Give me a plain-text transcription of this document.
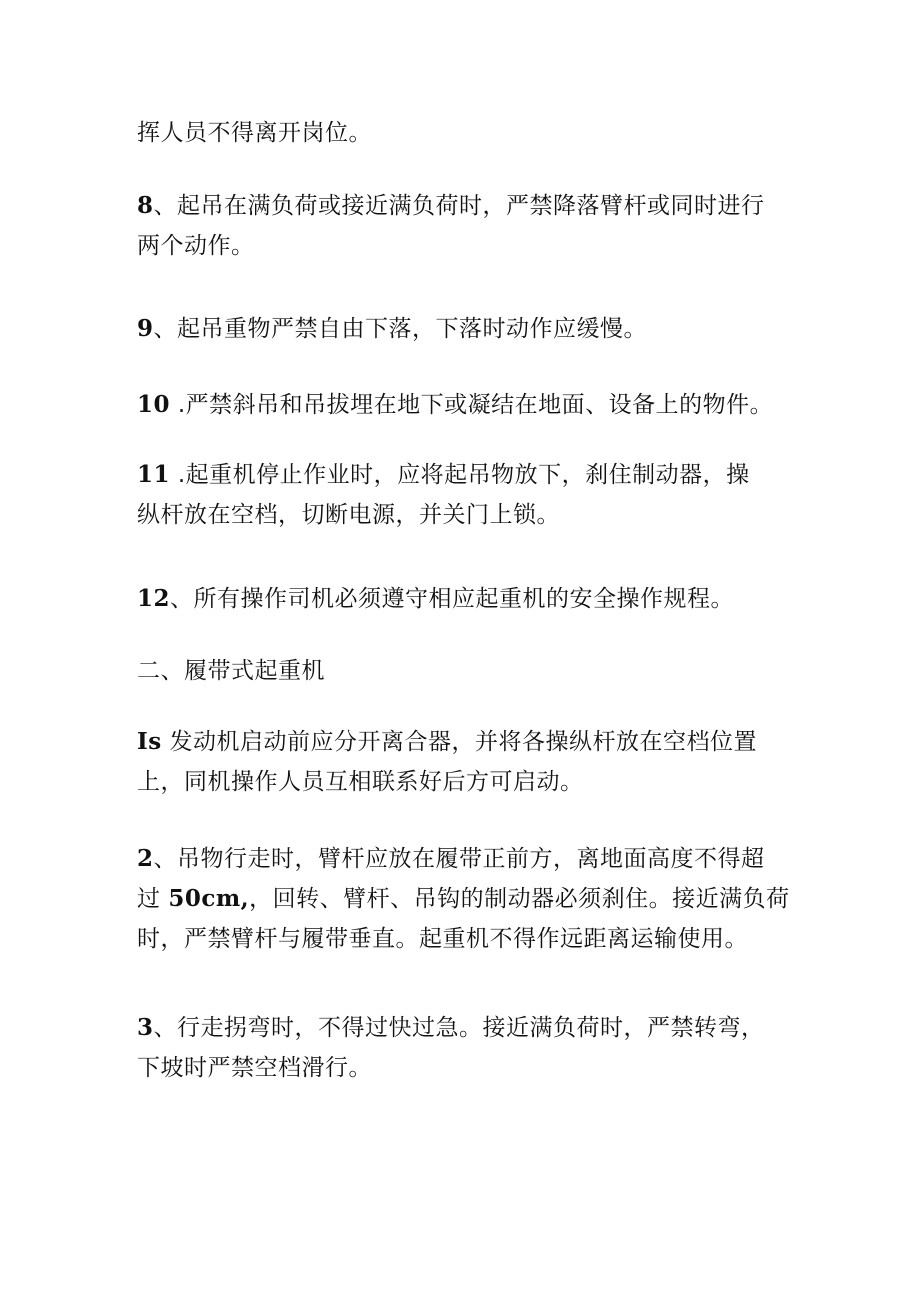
挥人员不得离开岗位。
8、起吊在满负荷或接近满负荷时，严禁降落臂杆或同时进行
两个动作。
9、起吊重物严禁自由下落，下落时动作应缓慢。
10 .严禁斜吊和吊拔埋在地下或凝结在地面、设备上的物件。
11 .起重机停止作业时，应将起吊物放下，刹住制动器，操
纵杆放在空档，切断电源，并关门上锁。
12、所有操作司机必须遵守相应起重机的安全操作规程。
二、履带式起重机
Is 发动机启动前应分开离合器，并将各操纵杆放在空档位置
上，同机操作人员互相联系好后方可启动。
2、吊物行走时，臂杆应放在履带正前方，离地面高度不得超
过 50cm,，回转、臂杆、吊钩的制动器必须刹住。接近满负荷
时，严禁臂杆与履带垂直。起重机不得作远距离运输使用。
3、行走拐弯时，不得过快过急。接近满负荷时，严禁转弯，
下坡时严禁空档滑行。
